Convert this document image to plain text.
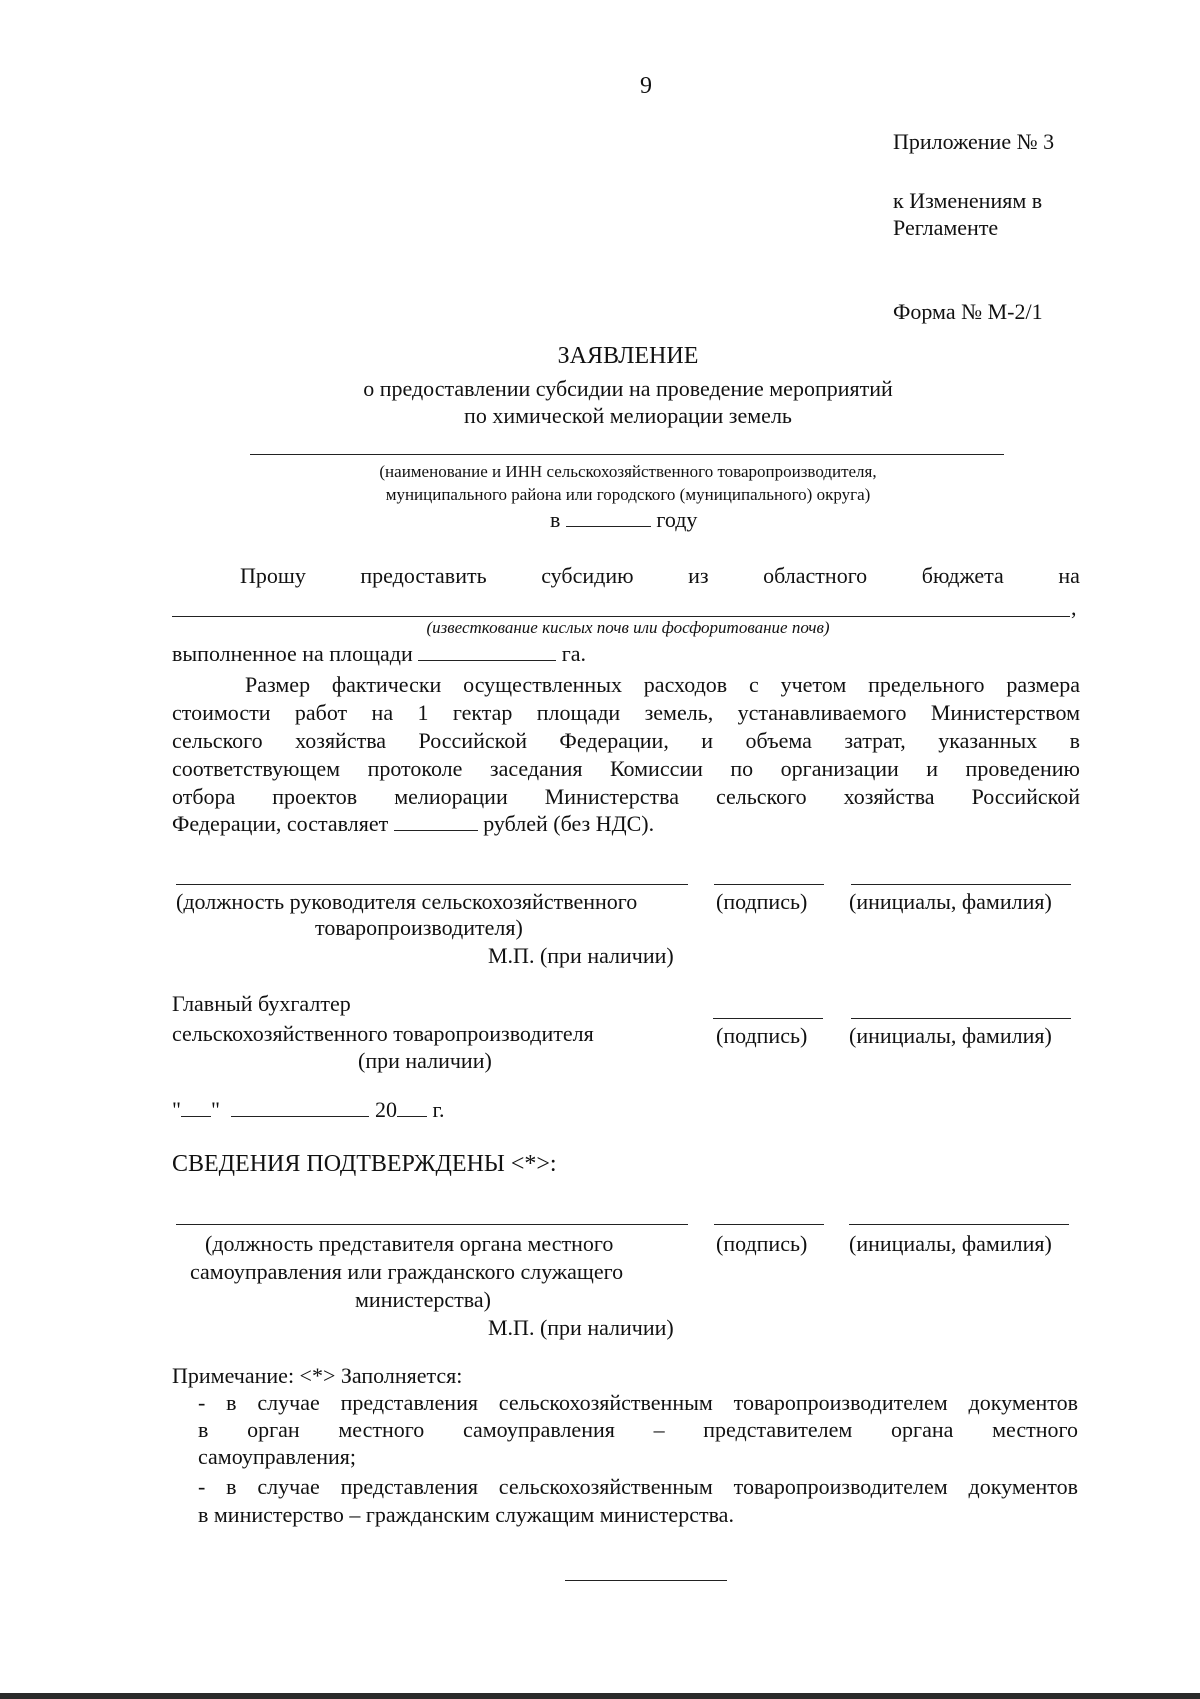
9
Приложение № 3
к Изменениям в
Регламенте
Форма № М-2/1
ЗАЯВЛЕНИЕ
о предоставлении субсидии на проведение мероприятий
по химической мелиорации земель
(наименование и ИНН сельскохозяйственного товаропроизводителя,
муниципального района или городского (муниципального) округа)
в	году
Прошу предоставить субсидию из областного бюджета на
,
(известкование кислых почв или фосфоритование почв)
выполненное на площади	га.
Размер фактически осуществленных расходов с учетом предельного размера
стоимости работ на 1 гектар площади земель, устанавливаемого Министерством
сельского хозяйства Российской Федерации, и объема затрат, указанных в
соответствующем протоколе заседания Комиссии по организации и проведению
отбора проектов мелиорации Министерства сельского хозяйства Российской
Федерации, составляет	рублей (без НДС).
(должность руководителя сельскохозяйственного	(подпись) (инициалы, фамилия)
товаропроизводителя)
М.П. (при наличии)
Главный бухгалтер
сельскохозяйственного товаропроизводителя
(при наличии)
(подпись) (инициалы, фамилия)
" "	20 г.
СВЕДЕНИЯ ПОДТВЕРЖДЕНЫ <*>:
(должность представителя органа местного	(подпись) (инициалы, фамилия)
самоуправления или гражданского служащего
министерства)
М.П. (при наличии)
Примечание: <*> Заполняется:
- в случае представления сельскохозяйственным товаропроизводителем документов
в орган местного самоуправления – представителем органа местного
самоуправления;
- в случае представления сельскохозяйственным товаропроизводителем документов
в министерство – гражданским служащим министерства.
